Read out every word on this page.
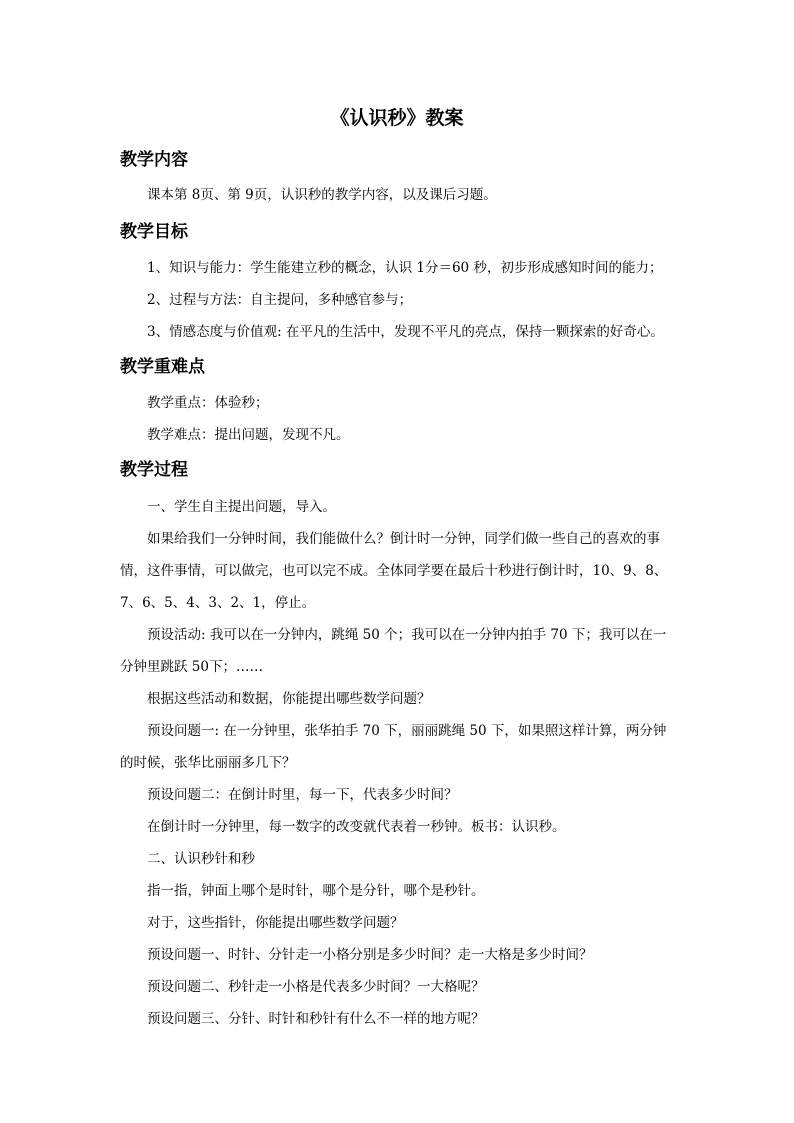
《认识秒》教案
教学内容
课本第 8页、第 9页，认识秒的教学内容，以及课后习题。
教学目标
1、知识与能力：学生能建立秒的概念，认识 1分＝60 秒，初步形成感知时间的能力；
2、过程与方法：自主提问，多种感官参与；
3、情感态度与价值观: 在平凡的生活中，发现不平凡的亮点，保持一颗探索的好奇心。
教学重难点
教学重点：体验秒；
教学难点：提出问题，发现不凡。
教学过程
一、学生自主提出问题，导入。
如果给我们一分钟时间，我们能做什么？倒计时一分钟，同学们做一些自己的喜欢的事
情，这件事情，可以做完，也可以完不成。全体同学要在最后十秒进行倒计时，10、9、8、
7、6、5、4、3、2、1，停止。
预设活动: 我可以在一分钟内，跳绳 50 个；我可以在一分钟内拍手 70 下；我可以在一
分钟里跳跃 50下；……
根据这些活动和数据，你能提出哪些数学问题？
预设问题一: 在一分钟里，张华拍手 70 下，丽丽跳绳 50 下，如果照这样计算，两分钟
的时候，张华比丽丽多几下？
预设问题二：在倒计时里，每一下，代表多少时间？
在倒计时一分钟里，每一数字的改变就代表着一秒钟。板书：认识秒。
二、认识秒针和秒
指一指，钟面上哪个是时针，哪个是分针，哪个是秒针。
对于，这些指针，你能提出哪些数学问题？
预设问题一、时针、分针走一小格分别是多少时间？走一大格是多少时间？
预设问题二、秒针走一小格是代表多少时间？一大格呢？
预设问题三、分针、时针和秒针有什么不一样的地方呢？
